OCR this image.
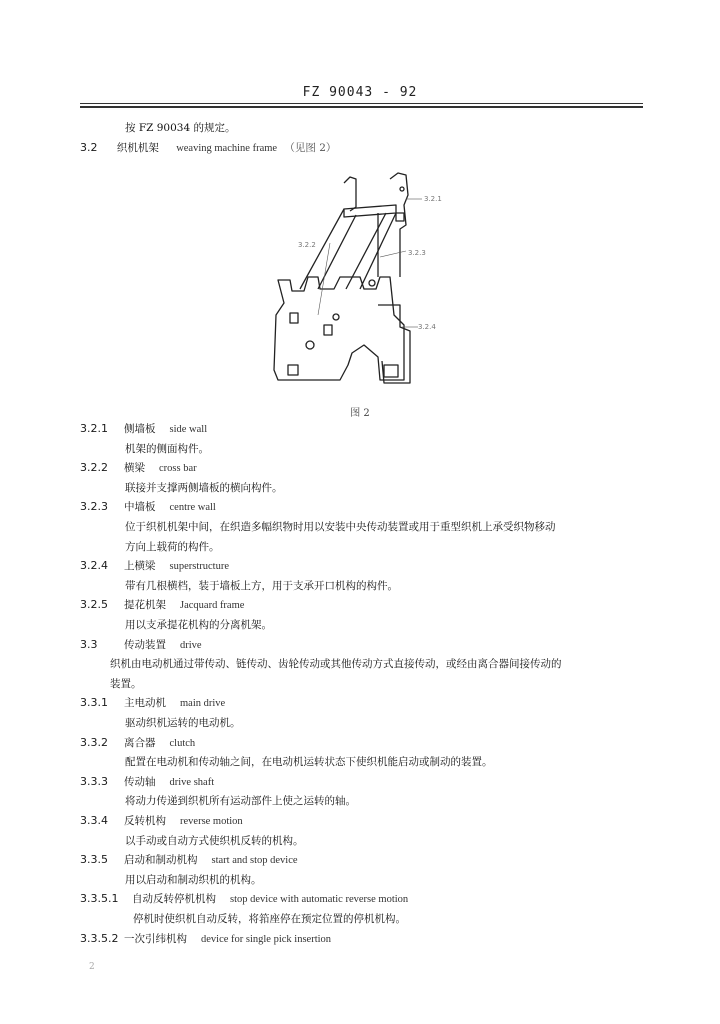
FZ 90043 - 92
按 FZ 90034 的规定。
3.2 织机机架 weaving machine frame （见图 2）
3.2.1
3.2.2
3.2.3
3.2.4
图 2
3.2.1 侧墙板 side wall
机架的侧面构件。
3.2.2 横梁 cross bar
联接并支撑两侧墙板的横向构件。
3.2.3 中墙板 centre wall
位于织机机架中间，在织造多幅织物时用以安装中央传动装置或用于重型织机上承受织物移动
方向上载荷的构件。
3.2.4 上横梁 superstructure
带有几根横档，装于墙板上方，用于支承开口机构的构件。
3.2.5 提花机架 Jacquard frame
用以支承提花机构的分离机架。
3.3	传动装置 drive
织机由电动机通过带传动、链传动、齿轮传动或其他传动方式直接传动，或经由离合器间接传动的
装置。
3.3.1 主电动机 main drive
驱动织机运转的电动机。
3.3.2 离合器 clutch
配置在电动机和传动轴之间，在电动机运转状态下使织机能启动或制动的装置。
3.3.3 传动轴 drive shaft
将动力传递到织机所有运动部件上使之运转的轴。
3.3.4 反转机构 reverse motion
以手动或自动方式使织机反转的机构。
3.3.5 启动和制动机构 start and stop device
用以启动和制动织机的机构。
3.3.5.1 自动反转停机机构 stop device with automatic reverse motion
停机时使织机自动反转，将筘座停在预定位置的停机机构。
3.3.5.2 一次引纬机构 device for single pick insertion
2
